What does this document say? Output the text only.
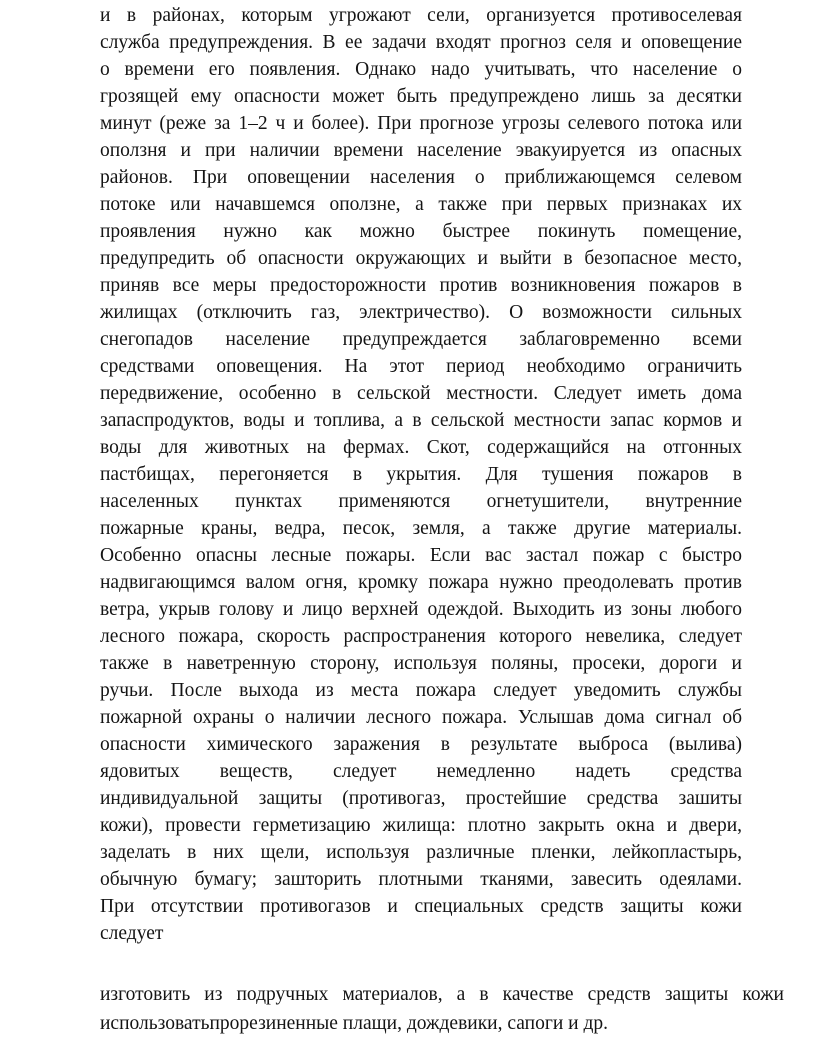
и в районах, которым угрожают сели, организуется противоселевая
служба предупреждения. В ее задачи входят прогноз селя и оповещение
о времени его появления. Однако надо учитывать, что население о
грозящей ему опасности может быть предупреждено лишь за десятки
минут (реже за 1–2 ч и более). При прогнозе угрозы селевого потока или
оползня и при наличии времени население эвакуируется из опасных
районов. При оповещении населения о приближающемся селевом
потоке или начавшемся оползне, а также при первых признаках их
проявления нужно как можно быстрее покинуть помещение,
предупредить об опасности окружающих и выйти в безопасное место,
приняв все меры предосторожности против возникновения пожаров в
жилищах (отключить газ, электричество). О возможности сильных
снегопадов население предупреждается заблаговременно всеми
средствами оповещения. На этот период необходимо ограничить
передвижение, особенно в сельской местности. Следует иметь дома
запаспродуктов, воды и топлива, а в сельской местности запас кормов и
воды для животных на фермах. Скот, содержащийся на отгонных
пастбищах, перегоняется в укрытия. Для тушения пожаров в
населенных пунктах применяются огнетушители, внутренние
пожарные краны, ведра, песок, земля, а также другие материалы.
Особенно опасны лесные пожары. Если вас застал пожар с быстро
надвигающимся валом огня, кромку пожара нужно преодолевать против
ветра, укрыв голову и лицо верхней одеждой. Выходить из зоны любого
лесного пожара, скорость распространения которого невелика, следует
также в наветренную сторону, используя поляны, просеки, дороги и
ручьи. После выхода из места пожара следует уведомить службы
пожарной охраны о наличии лесного пожара. Услышав дома сигнал об
опасности химического заражения в результате выброса (вылива)
ядовитых веществ, следует немедленно надеть средства
индивидуальной защиты (противогаз, простейшие средства зашиты
кожи), провести герметизацию жилища: плотно закрыть окна и двери,
заделать в них щели, используя различные пленки, лейкопластырь,
обычную бумагу; зашторить плотными тканями, завесить одеялами.
При отсутствии противогазов и специальных средств защиты кожи
следует
изготовить из подручных материалов, а в качестве средств защиты кожи
использоватьпрорезиненные плащи, дождевики, сапоги и др.
